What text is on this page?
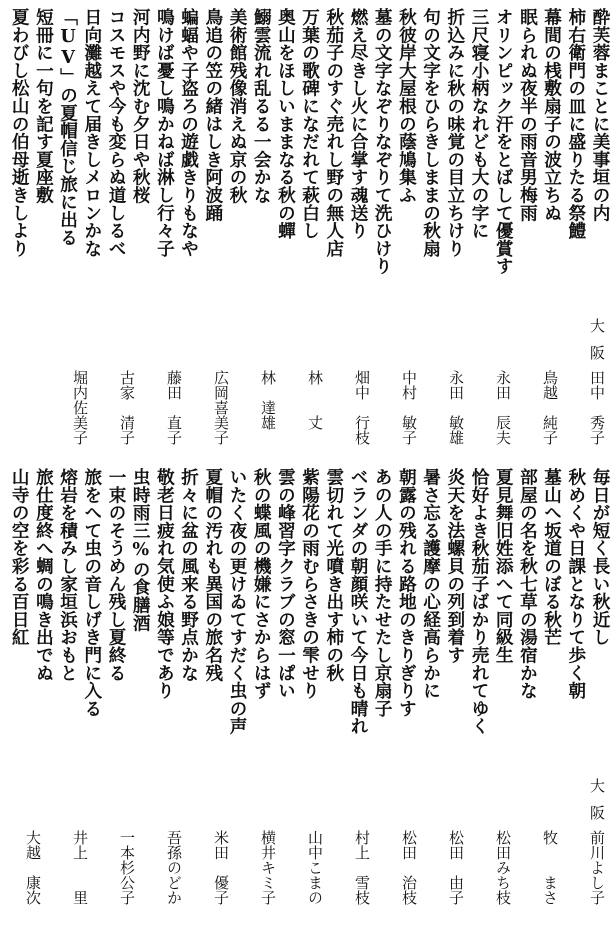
酔芙蓉まことに美事垣の内
柿右衛門の皿に盛りたる祭鱧
幕間の桟敷扇子の波立ちぬ
眠られぬ夜半の雨音男梅雨
オリンピック汗をとばして優賞す
三尺寝小柄なれども大の字に
折込みに秋の味覚の目立ちけり
句の文字をひらきしままの秋扇
秋彼岸大屋根の蔭鳩集ふ
墓の文字なぞりなぞりて洗ひけり
燃え尽きし火に合掌す魂送り
秋茄子のすぐ売れし野の無人店
万葉の歌碑になだれて萩白し
奥山をほしいままなる秋の蟬
鰯雲流れ乱るる一会かな
美術館残像消えぬ京の秋
鳥追の笠の緒はしき阿波踊
蝙蝠や子盗ろの遊戯きりもなや
鳴けば憂し鳴かねば淋し行々子
河内野に沈む夕日や秋桜
コスモスや今も変らぬ道しるべ
日向灘越えて届きしメロンかな
「UV」の夏帽信じ旅に出る
短冊に一句を記す夏座敷
夏わびし松山の伯母逝きしより
田中　秀子
大阪
鳥越　純子
永田　辰夫
永田　敏雄
中村　敏子
畑中　行枝
林　　丈
林　達雄
広岡喜美子
藤田　直子
古家　清子
堀内佐美子
毎日が短く長い秋近し
秋めくや日課となりて歩く朝
墓山へ坂道のぼる秋芒
部屋の名を秋七草の湯宿かな
夏見舞旧姓添へて同級生
恰好よき秋茄子ばかり売れてゆく
炎天を法螺貝の列到着す
暑さ忘る護摩の心経高らかに
朝露の残れる路地のきりぎりす
あの人の手に持たせたし京扇子
ベランダの朝顔咲いて今日も晴れ
雲切れて光噴き出す柿の秋
紫陽花の雨むらさきの雫せり
雲の峰習字クラブの窓一ぱい
秋の蝶風の機嫌にさからはず
いたく夜の更けゐてすだく虫の声
夏帽の汚れも異国の旅名残
折々に盆の風来る野点かな
敬老日疲れ気使ふ娘等であり
虫時雨三%の食膳酒
一束のそうめん残し夏終る
旅をへて虫の音しげき門に入る
熔岩を積みし家垣浜おもと
旅仕度終へ蜩の鳴き出でぬ
山寺の空を彩る百日紅
前川よし子
大阪
牧　　まさ
松田みち枝
松田　由子
松田　治枝
村上　雪枝
山中こまの
横井キミ子
米田　優子
吾孫のどか
一本杉公子
井上　　里
大越　康次
